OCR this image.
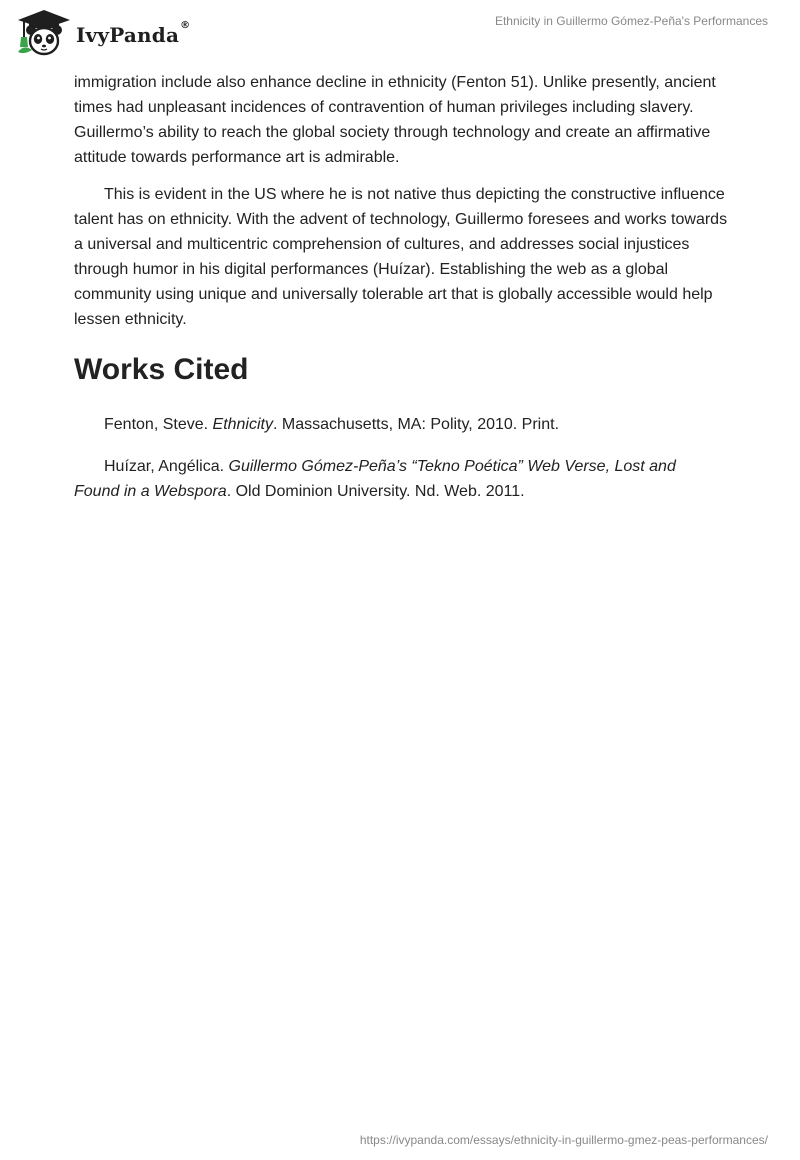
IvyPanda®	Ethnicity in Guillermo Gómez-Peña's Performances

immigration include also enhance decline in ethnicity (Fenton 51). Unlike presently, ancient times had unpleasant incidences of contravention of human privileges including slavery. Guillermo’s ability to reach the global society through technology and create an affirmative attitude towards performance art is admirable.

This is evident in the US where he is not native thus depicting the constructive influence talent has on ethnicity. With the advent of technology, Guillermo foresees and works towards a universal and multicentric comprehension of cultures, and addresses social injustices through humor in his digital performances (Huízar). Establishing the web as a global community using unique and universally tolerable art that is globally accessible would help lessen ethnicity.

Works Cited

Fenton, Steve. Ethnicity. Massachusetts, MA: Polity, 2010. Print.

Huízar, Angélica. Guillermo Gómez-Peña’s “Tekno Poética” Web Verse, Lost and Found in a Webspora. Old Dominion University. Nd. Web. 2011.

https://ivypanda.com/essays/ethnicity-in-guillermo-gmez-peas-performances/
